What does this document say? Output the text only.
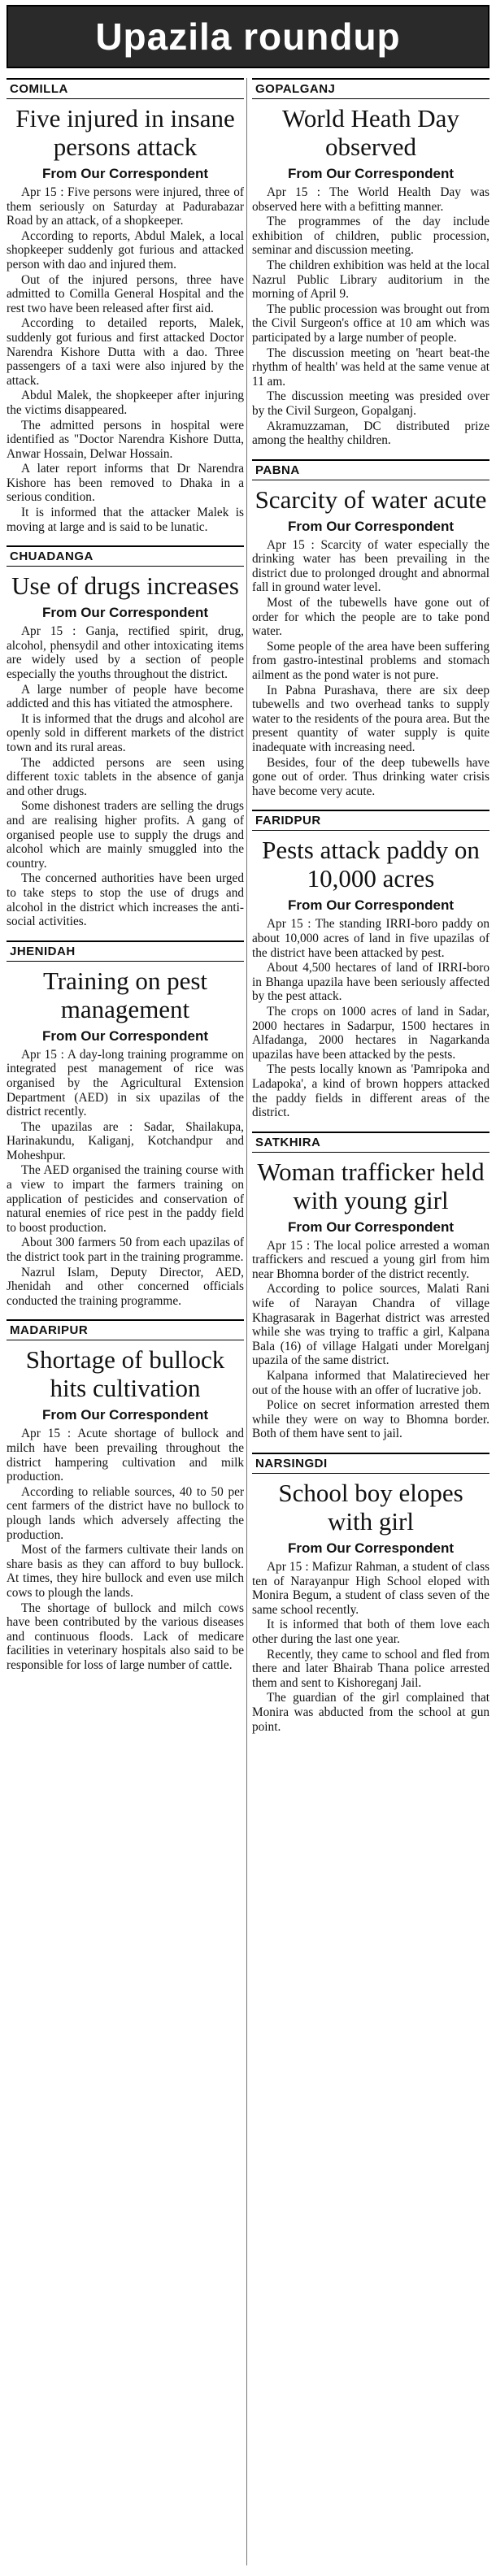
Upazila roundup
COMILLA
Five injured in insane persons attack
From Our Correspondent

Apr 15 : Five persons were injured, three of them seriously on Saturday at Padurabazar Road by an attack, of a shopkeeper.

According to reports, Abdul Malek, a local shopkeeper suddenly got furious and attacked person with dao and injured them.

Out of the injured persons, three have admitted to Comilla General Hospital and the rest two have been released after first aid.

According to detailed reports, Malek, suddenly got furious and first attacked Doctor Narendra Kishore Dutta with a dao. Three passengers of a taxi were also injured by the attack.

Abdul Malek, the shopkeeper after injuring the victims disappeared.

The admitted persons in hospital were identified as "Doctor Narendra Kishore Dutta, Anwar Hossain, Delwar Hossain.

A later report informs that Dr Narendra Kishore has been removed to Dhaka in a serious condition.

It is informed that the attacker Malek is moving at large and is said to be lunatic.

CHUADANGA
Use of drugs increases
From Our Correspondent

Apr 15 : Ganja, rectified spirit, drug, alcohol, phensydil and other intoxicating items are widely used by a section of people especially the youths throughout the district.

A large number of people have become addicted and this has vitiated the atmosphere.

It is informed that the drugs and alcohol are openly sold in different markets of the district town and its rural areas.

The addicted persons are seen using different toxic tablets in the absence of ganja and other drugs.

Some dishonest traders are selling the drugs and are realising higher profits. A gang of organised people use to supply the drugs and alcohol which are mainly smuggled into the country.

The concerned authorities have been urged to take steps to stop the use of drugs and alcohol in the district which increases the anti-social activities.

JHENIDAH
Training on pest management
From Our Correspondent

Apr 15 : A day-long training programme on integrated pest management of rice was organised by the Agricultural Extension Department (AED) in six upazilas of the district recently.

The upazilas are : Sadar, Shailakupa, Harinakundu, Kaliganj, Kotchandpur and Moheshpur.

The AED organised the training course with a view to impart the farmers training on application of pesticides and conservation of natural enemies of rice pest in the paddy field to boost production.

About 300 farmers 50 from each upazilas of the district took part in the training programme.

Nazrul Islam, Deputy Director, AED, Jhenidah and other concerned officials conducted the training programme.

MADARIPUR
Shortage of bullock hits cultivation
From Our Correspondent

Apr 15 : Acute shortage of bullock and milch have been prevailing throughout the district hampering cultivation and milk production.

According to reliable sources, 40 to 50 per cent farmers of the district have no bullock to plough lands which adversely affecting the production.

Most of the farmers cultivate their lands on share basis as they can afford to buy bullock. At times, they hire bullock and even use milch cows to plough the lands.

The shortage of bullock and milch cows have been contributed by the various diseases and continuous floods. Lack of medicare facilities in veterinary hospitals also said to be responsible for loss of large number of cattle.

GOPALGANJ
World Heath Day observed
From Our Correspondent

Apr 15 : The World Health Day was observed here with a befitting manner.

The programmes of the day include exhibition of children, public procession, seminar and discussion meeting.

The children exhibition was held at the local Nazrul Public Library auditorium in the morning of April 9.

The public procession was brought out from the Civil Surgeon's office at 10 am which was participated by a large number of people.

The discussion meeting on 'heart beat-the rhythm of health' was held at the same venue at 11 am.

The discussion meeting was presided over by the Civil Surgeon, Gopalganj.

Akramuzzaman, DC distributed prize among the healthy children.

PABNA
Scarcity of water acute
From Our Correspondent

Apr 15 : Scarcity of water especially the drinking water has been prevailing in the district due to prolonged drought and abnormal fall in ground water level.

Most of the tubewells have gone out of order for which the people are to take pond water.

Some people of the area have been suffering from gastro-intestinal problems and stomach ailment as the pond water is not pure.

In Pabna Purashava, there are six deep tubewells and two overhead tanks to supply water to the residents of the poura area. But the present quantity of water supply is quite inadequate with increasing need.

Besides, four of the deep tubewells have gone out of order. Thus drinking water crisis have become very acute.

FARIDPUR
Pests attack paddy on 10,000 acres
From Our Correspondent

Apr 15 : The standing IRRI-boro paddy on about 10,000 acres of land in five upazilas of the district have been attacked by pest.

About 4,500 hectares of land of IRRI-boro in Bhanga upazila have been seriously affected by the pest attack.

The crops on 1000 acres of land in Sadar, 2000 hectares in Sadarpur, 1500 hectares in Alfadanga, 2000 hectares in Nagarkanda upazilas have been attacked by the pests.

The pests locally known as 'Pamripoka and Ladapoka', a kind of brown hoppers attacked the paddy fields in different areas of the district.

SATKHIRA
Woman trafficker held with young girl
From Our Correspondent

Apr 15 : The local police arrested a woman traffickers and rescued a young girl from him near Bhomna border of the district recently.

According to police sources, Malati Rani wife of Narayan Chandra of village Khagrasarak in Bagerhat district was arrested while she was trying to traffic a girl, Kalpana Bala (16) of village Halgati under Morelganj upazila of the same district.

Kalpana informed that Malatirecieved her out of the house with an offer of lucrative job.

Police on secret information arrested them while they were on way to Bhomna border. Both of them have sent to jail.

NARSINGDI
School boy elopes with girl
From Our Correspondent

Apr 15 : Mafizur Rahman, a student of class ten of Narayanpur High School eloped with Monira Begum, a student of class seven of the same school recently.

It is informed that both of them love each other during the last one year.

Recently, they came to school and fled from there and later Bhairab Thana police arrested them and sent to Kishoreganj Jail.

The guardian of the girl complained that Monira was abducted from the school at gun point.
